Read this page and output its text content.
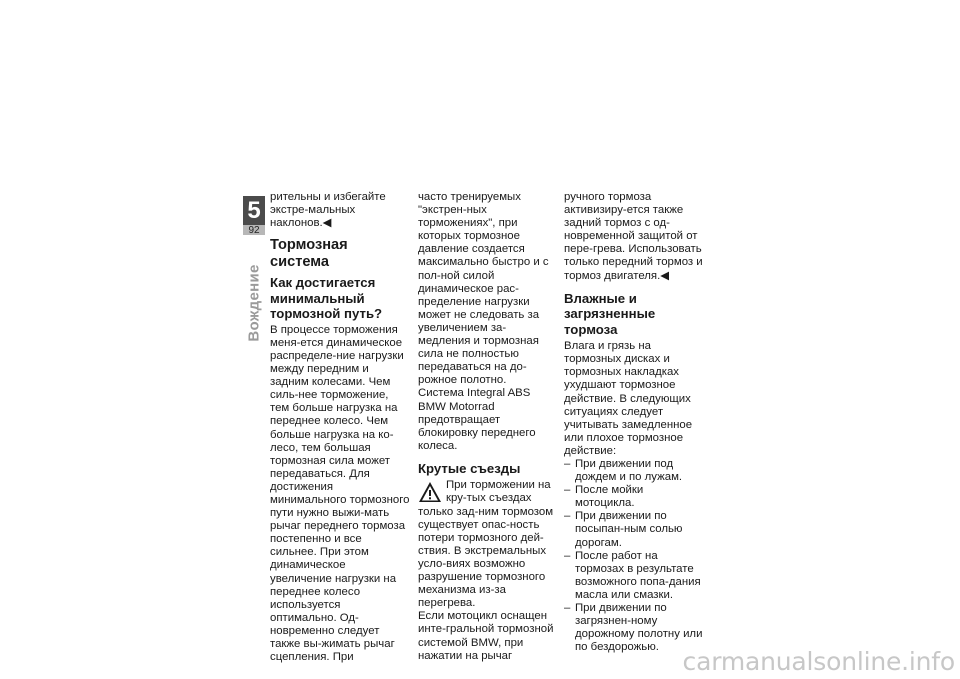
5
92
Вождение

рительны и избегайте экстре-мальных наклонов.◀

Тормозная система
Как достигается минимальный тормозной путь?

В процессе торможения меня-ется динамическое распределе-ние нагрузки между передним и задним колесами. Чем силь-нее торможение, тем больше нагрузка на переднее колесо. Чем больше нагрузка на ко-лесо, тем большая тормозная сила может передаваться. Для достижения минимального тормозного пути нужно выжи-мать рычаг переднего тормоза постепенно и все сильнее. При этом динамическое увеличение нагрузки на переднее колесо используется оптимально. Од-новременно следует также вы-жимать рычаг сцепления. При

часто тренируемых "экстрен-ных торможениях", при которых тормозное давление создается максимально быстро и с пол-ной силой динамическое рас-пределение нагрузки может не следовать за увеличением за-медления и тормозная сила не полностью передаваться на до-рожное полотно.

Система Integral ABS

BMW Motorrad предотвращает блокировку переднего колеса.

Крутые съезды

При торможении на кру-тых съездах только зад-ним тормозом существует опас-ность потери тормозного дей-ствия. В экстремальных усло-виях возможно разрушение тормозного механизма из-за перегрева.

Если мотоцикл оснащен инте-гральной тормозной системой BMW, при нажатии на рычаг

ручного тормоза активизиру-ется также задний тормоз с од-новременной защитой от пере-грева. Использовать только передний тормоз и тормоз двигателя.◀

Влажные и загрязненные тормоза

Влага и грязь на тормозных дисках и тормозных накладках ухудшают тормозное действие. В следующих ситуациях следует учитывать замедленное или плохое тормозное действие:

– При движении под дождем и по лужам.
– После мойки мотоцикла.
– При движении по посыпан-ным солью дорогам.
– После работ на тормозах в результате возможного попа-дания масла или смазки.
– При движении по загрязнен-ному дорожному полотну или по бездорожью. carmanualsonline.info
